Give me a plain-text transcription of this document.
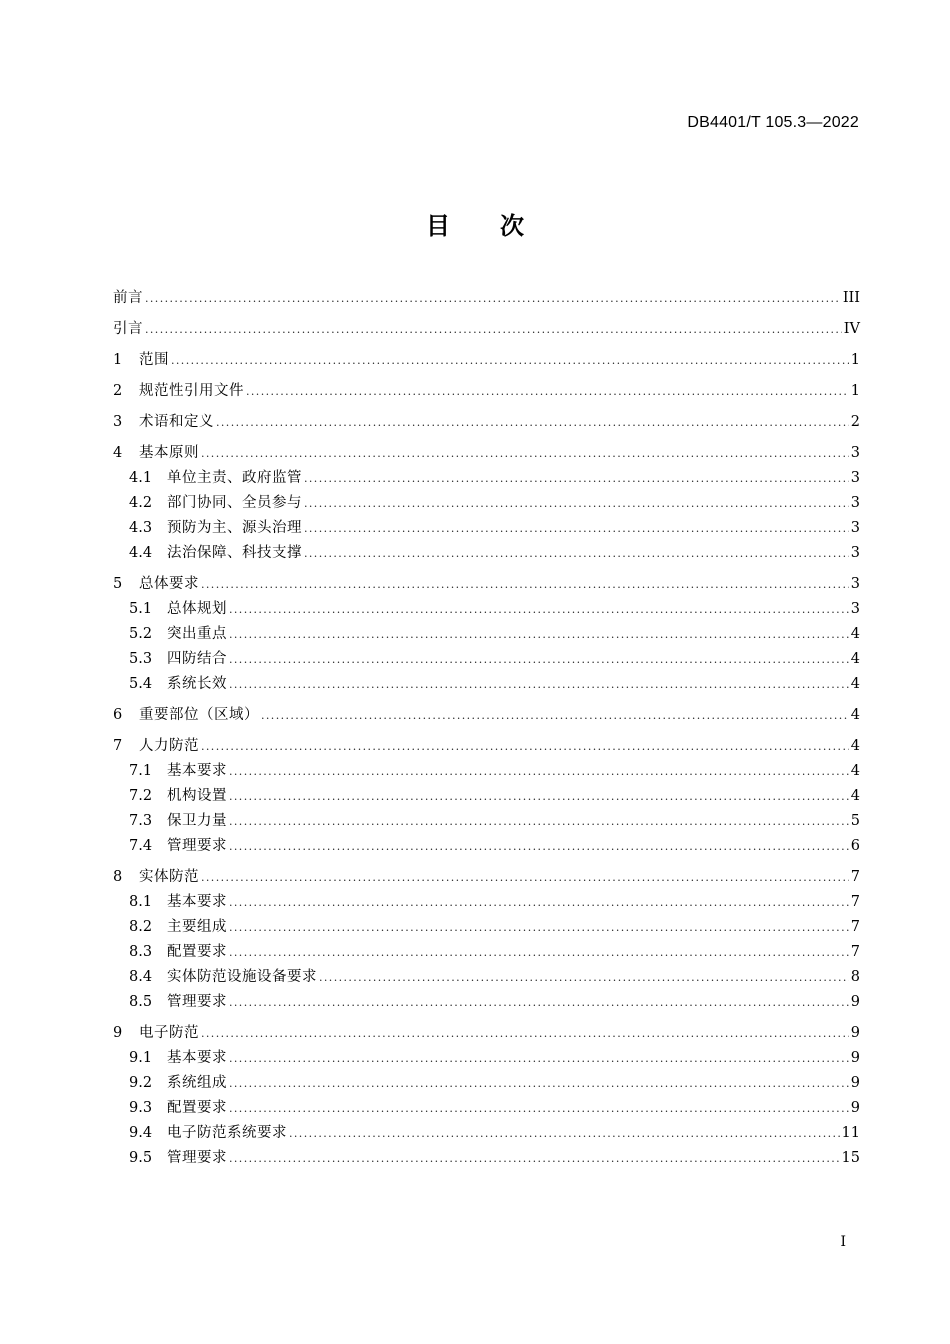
DB4401/T 105.3—2022
目 次
前言 .....	III
引言 .....	IV
1	范围 .....	1
2	规范性引用文件 .....	1
3	术语和定义 .....	2
4	基本原则 .....	3
4.1	单位主责、政府监管 .....	3
4.2	部门协同、全员参与 .....	3
4.3	预防为主、源头治理 .....	3
4.4	法治保障、科技支撑 .....	3
5	总体要求 .....	3
5.1	总体规划 .....	3
5.2	突出重点 .....	4
5.3	四防结合 .....	4
5.4	系统长效 .....	4
6	重要部位（区域） .....	4
7	人力防范 .....	4
7.1	基本要求 .....	4
7.2	机构设置 .....	4
7.3	保卫力量 .....	5
7.4	管理要求 .....	6
8	实体防范 .....	7
8.1	基本要求 .....	7
8.2	主要组成 .....	7
8.3	配置要求 .....	7
8.4	实体防范设施设备要求 .....	8
8.5	管理要求 .....	9
9	电子防范 .....	9
9.1	基本要求 .....	9
9.2	系统组成 .....	9
9.3	配置要求 .....	9
9.4	电子防范系统要求 .....	11
9.5	管理要求 .....	15
I
